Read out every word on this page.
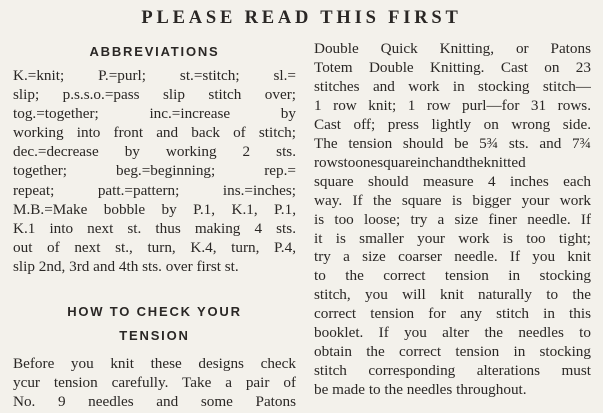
PLEASE READ THIS FIRST
ABBREVIATIONS
K.=knit; P.=purl; st.=stitch; sl.=
slip; p.s.s.o.=pass slip stitch over;
tog.=together; inc.=increase by
working into front and back of stitch;
dec.=decrease by working 2 sts.
together; beg.=beginning; rep.=
repeat; patt.=pattern; ins.=inches;
M.B.=Make bobble by P.1, K.1, P.1,
K.1 into next st. thus making 4 sts.
out of next st., turn, K.4, turn, P.4,
slip 2nd, 3rd and 4th sts. over first st.
HOW TO CHECK YOUR
TENSION
Before you knit these designs check
ycur tension carefully. Take a pair of
No. 9 needles and some Patons
Double Quick Knitting, or Patons
Totem Double Knitting. Cast on 23
stitches and work in stocking stitch—
1 row knit; 1 row purl—for 31 rows.
Cast off; press lightly on wrong side.
The tension should be 5¾ sts. and 7¾
rowstoonesquareinchandtheknitted
square should measure 4 inches each
way. If the square is bigger your work
is too loose; try a size finer needle. If
it is smaller your work is too tight;
try a size coarser needle. If you knit
to the correct tension in stocking
stitch, you will knit naturally to the
correct tension for any stitch in this
booklet. If you alter the needles to
obtain the correct tension in stocking
stitch corresponding alterations must
be made to the needles throughout.
